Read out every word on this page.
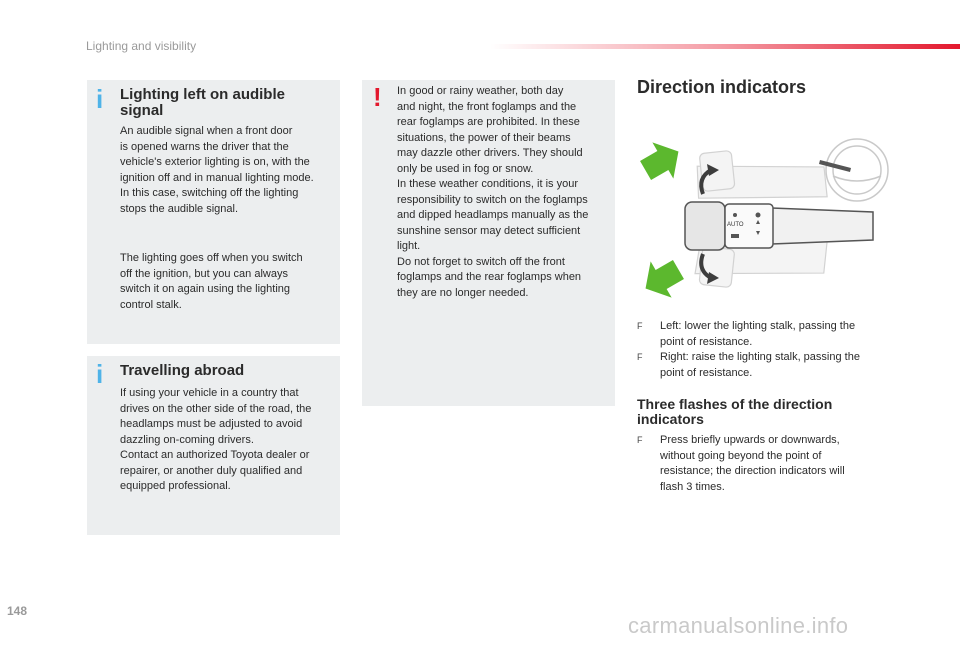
Lighting and visibility
i Lighting left on audible signal
An audible signal when a front door
is opened warns the driver that the
vehicle's exterior lighting is on, with the
ignition off and in manual lighting mode.
In this case, switching off the lighting
stops the audible signal.
The lighting goes off when you switch
off the ignition, but you can always
switch it on again using the lighting
control stalk.
i Travelling abroad
If using your vehicle in a country that
drives on the other side of the road, the
headlamps must be adjusted to avoid
dazzling on-coming drivers.
Contact an authorized Toyota dealer or
repairer, or another duly qualified and
equipped professional.
! In good or rainy weather, both day
and night, the front foglamps and the
rear foglamps are prohibited. In these
situations, the power of their beams
may dazzle other drivers. They should
only be used in fog or snow.
In these weather conditions, it is your
responsibility to switch on the foglamps
and dipped headlamps manually as the
sunshine sensor may detect sufficient
light.
Do not forget to switch off the front
foglamps and the rear foglamps when
they are no longer needed.
Direction indicators
AUTO
F Left: lower the lighting stalk, passing the
point of resistance.
F Right: raise the lighting stalk, passing the
point of resistance.
Three flashes of the direction
indicators
F Press briefly upwards or downwards,
without going beyond the point of
resistance; the direction indicators will
flash 3 times.
148
carmanualsonline.info
